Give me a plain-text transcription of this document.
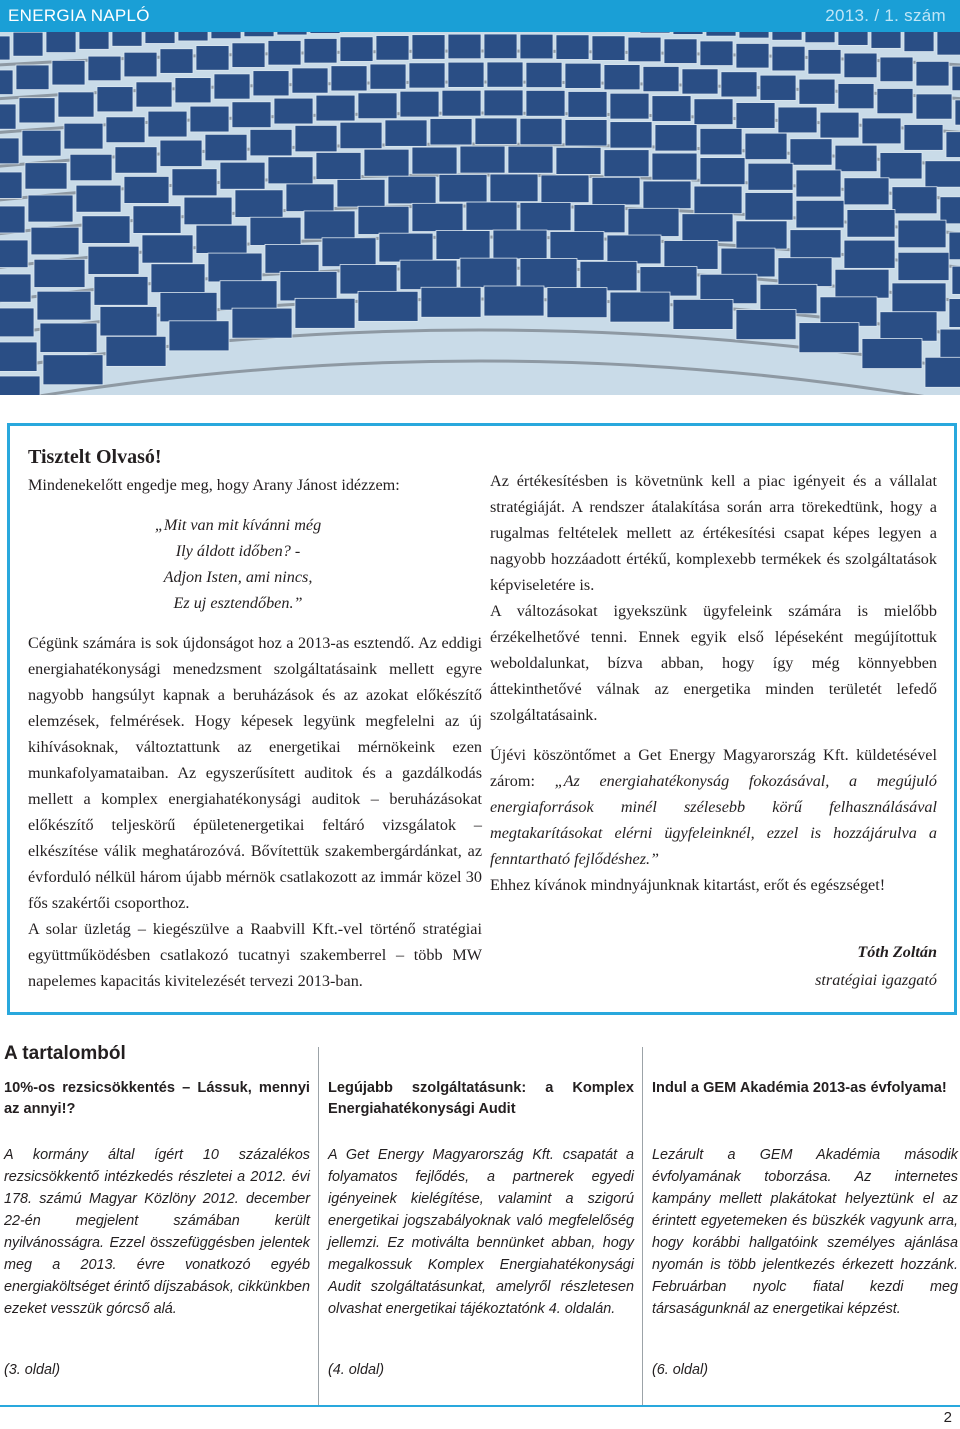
ENERGIA NAPLÓ	2013. / 1. szám
Tisztelt Olvasó!
Mindenekelőtt engedje meg, hogy Arany Jánost idézzem:
„Mit van mit kívánni még
Ily áldott időben? -
Adjon Isten, ami nincs,
Ez uj esztendőben.”
Cégünk számára is sok újdonságot hoz a 2013-as esztendő. Az eddigi energiahatékonysági menedzsment szolgáltatásaink mellett egyre nagyobb hangsúlyt kapnak a beruházások és az azokat előkészítő elemzések, felmérések. Hogy képesek legyünk megfelelni az új kihívásoknak, változtattunk az energetikai mérnökeink ezen munkafolyamataiban. Az egyszerűsített auditok és a gazdálkodás mellett a komplex energiahatékonysági auditok – beruházásokat előkészítő teljeskörű épületenergetikai feltáró vizsgálatok – elkészítése válik meghatározóvá. Bővítettük szakembergárdánkat, az évforduló nélkül három újabb mérnök csatlakozott az immár közel 30 fős szakértői csoporthoz.
A solar üzletág – kiegészülve a Raabvill Kft.-vel történő stratégiai együttműködésben csatlakozó tucatnyi szakemberrel – több MW napelemes kapacitás kivitelezését tervezi 2013-ban.
Az értékesítésben is követnünk kell a piac igényeit és a vállalat stratégiáját. A rendszer átalakítása során arra törekedtünk, hogy a rugalmas feltételek mellett az értékesítési csapat képes legyen a nagyobb hozzáadott értékű, komplexebb termékek és szolgáltatások képviseletére is.
A változásokat igyekszünk ügyfeleink számára is mielőbb érzékelhetővé tenni. Ennek egyik első lépéseként megújítottuk weboldalunkat, bízva abban, hogy így még könnyebben áttekinthetővé válnak az energetika minden területét lefedő szolgáltatásaink.
Újévi köszöntőmet a Get Energy Magyarország Kft. küldetésével zárom: „Az energiahatékonyság fokozásával, a megújuló energiaforrások minél szélesebb körű felhasználásával megtakarításokat elérni ügyfeleinknél, ezzel is hozzájárulva a fenntartható fejlődéshez.”
Ehhez kívánok mindnyájunknak kitartást, erőt és egészséget!
Tóth Zoltán
stratégiai igazgató
A tartalomból
10%-os rezsicsökkentés – Lássuk, mennyi az annyi!?
A kormány által ígért 10 százalékos rezsicsökkentő intézkedés részletei a 2012. évi 178. számú Magyar Közlöny 2012. december 22-én megjelent számában került nyilvánosságra. Ezzel összefüggésben jelentek meg a 2013. évre vonatkozó egyéb energiaköltséget érintő díjszabások, cikkünkben ezeket vesszük górcső alá.
(3. oldal)
Legújabb szolgáltatásunk: a Komplex Energiahatékonysági Audit
A Get Energy Magyarország Kft. csapatát a folyamatos fejlődés, a partnerek egyedi igényeinek kielégítése, valamint a szigorú energetikai jogszabályoknak való megfelelőség jellemzi. Ez motiválta bennünket abban, hogy megalkossuk Komplex Energiahatékonysági Audit szolgáltatásunkat, amelyről részletesen olvashat energetikai tájékoztatónk 4. oldalán.
(4. oldal)
Indul a GEM Akadémia 2013-as évfolyama!
Lezárult a GEM Akadémia második évfolyamának toborzása. Az internetes kampány mellett plakátokat helyeztünk el az érintett egyetemeken és büszkék vagyunk arra, hogy korábbi hallgatóink személyes ajánlása nyomán is több jelentkezés érkezett hozzánk. Februárban nyolc fiatal kezdi meg társaságunknál az energetikai képzést.
(6. oldal)
2
